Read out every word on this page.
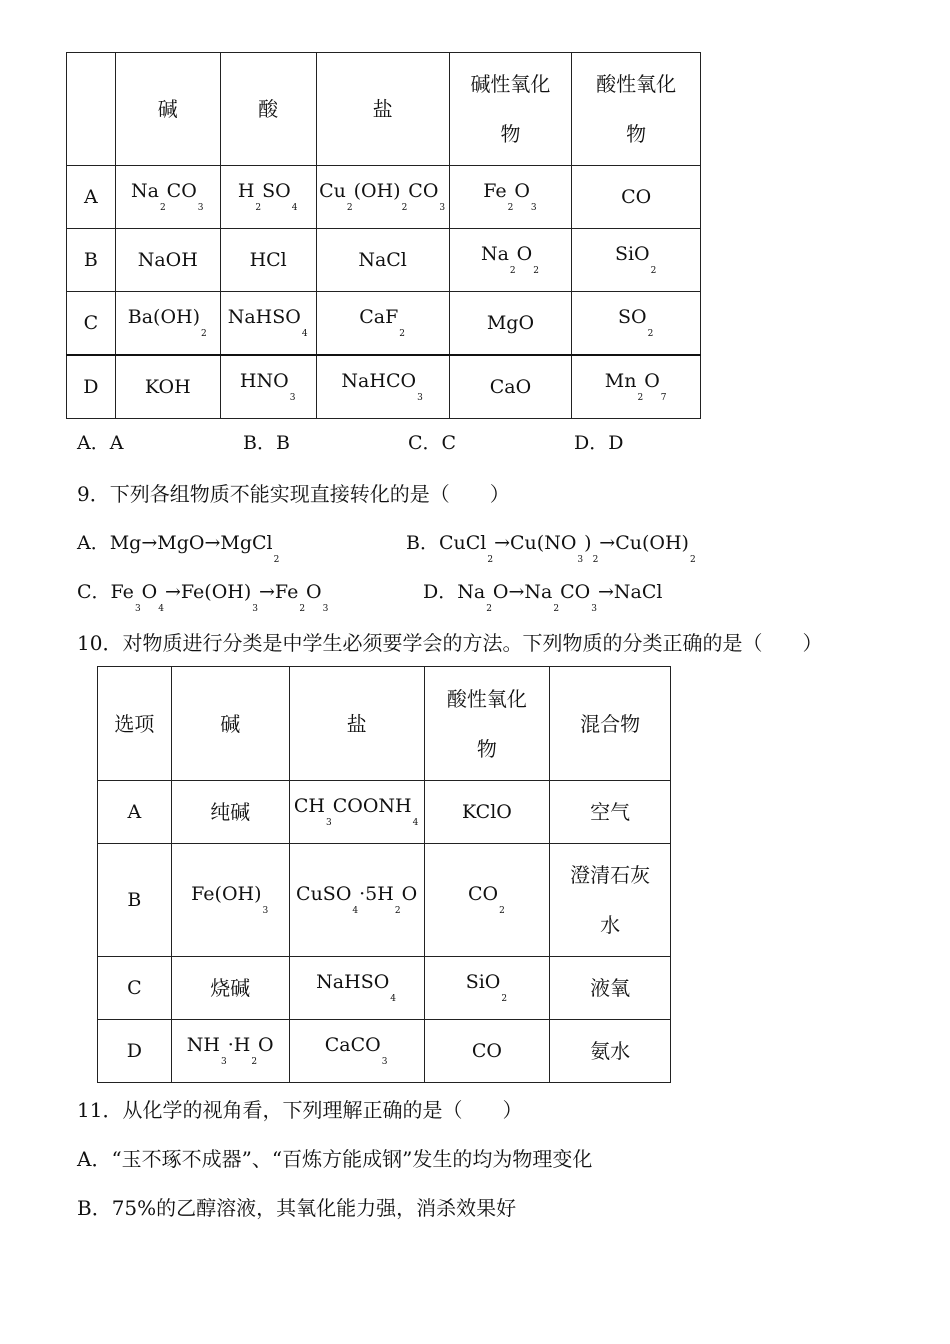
	碱	酸	盐	碱性氧化物	酸性氧化物
A	$Na_2CO_3$	$H_2SO_4$	$Cu_2(OH)_2CO_3$	$Fe_2O_3$	CO
B	NaOH	HCl	NaCl	$Na_2O_2$	SiO$_2$
C	$Ba(OH)_2$	NaHSO$_4$	CaF$_2$	MgO	$SO_2$
D	KOH	$HNO_3$	NaHCO$_3$	CaO	$Mn_2O_7$
A．A	B．B	C．C	D．D
9．下列各组物质不能实现直接转化的是（　　）
A．Mg→MgO→MgCl$_2$
B．$CuCl_2\to Cu(NO_3)_2\to Cu(OH)_2$
C．$Fe_3O_4\to Fe(OH)_3\to Fe_2O_3$
D．$Na_2O\to Na_2CO_3\to NaCl$
10．对物质进行分类是中学生必须要学会的方法。下列物质的分类正确的是（　　）
选项	碱	盐	酸性氧化物	混合物
A	纯碱	$CH_3COONH_4$	KClO	空气
B	$Fe(OH)_3$	$CuSO_4\cdot 5H_2O$	$CO_2$	澄清石灰水
C	烧碱	NaHSO$_4$	SiO$_2$	液氧
D	$NH_3\cdot H_2O$	CaCO$_3$	CO	氨水
11．从化学的视角看，下列理解正确的是（　　）
A．“玉不琢不成器”、“百炼方能成钢”发生的均为物理变化
B．75%的乙醇溶液，其氧化能力强，消杀效果好
